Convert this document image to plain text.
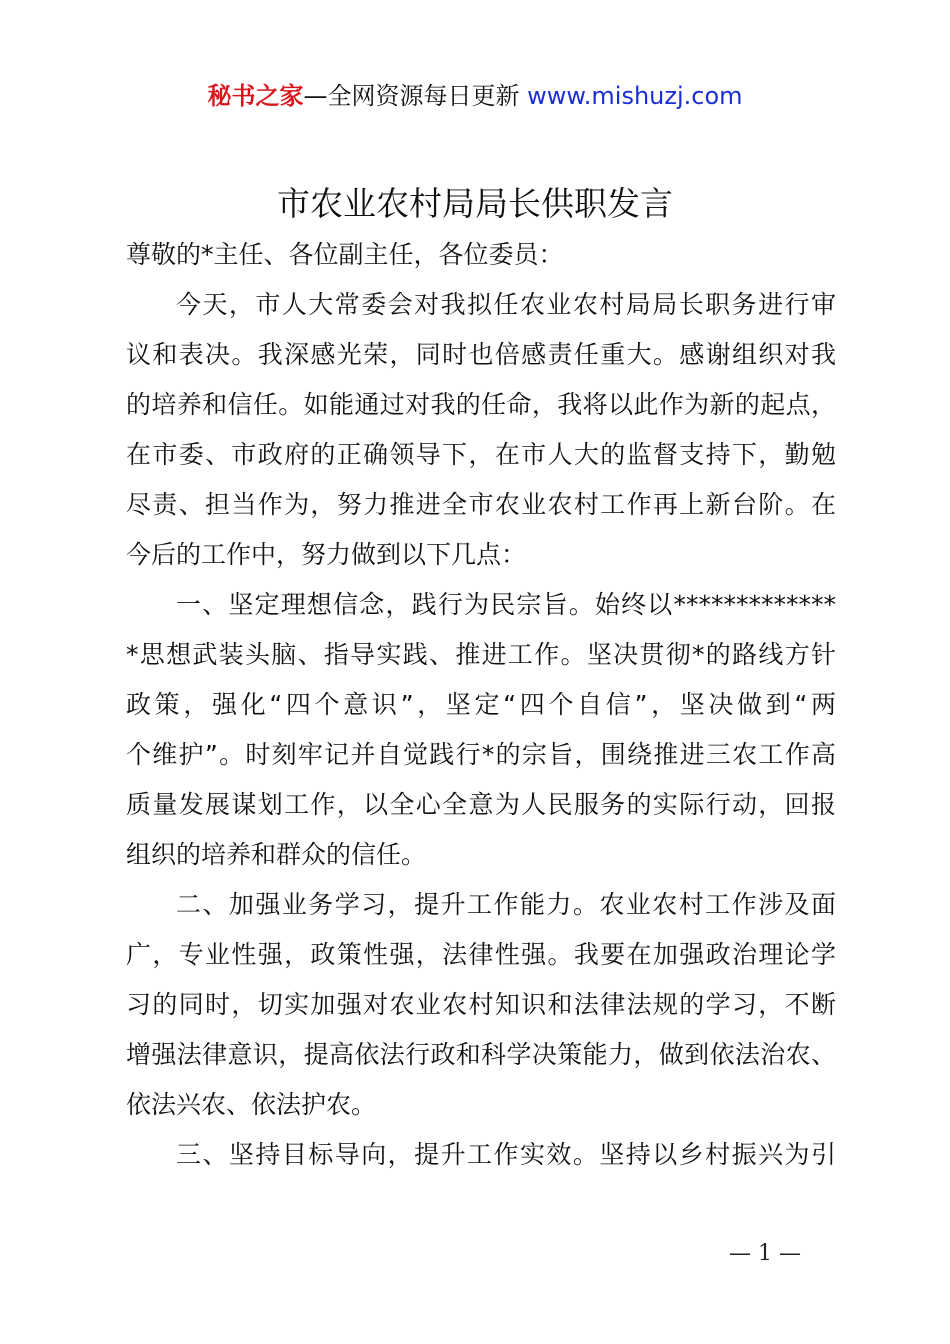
秘书之家—全网资源每日更新 www.mishuzj.com
市农业农村局局长供职发言

尊敬的*主任、各位副主任，各位委员：

今天，市人大常委会对我拟任农业农村局局长职务进行审
议和表决。我深感光荣，同时也倍感责任重大。感谢组织对我
的培养和信任。如能通过对我的任命，我将以此作为新的起点，
在市委、市政府的正确领导下，在市人大的监督支持下，勤勉
尽责、担当作为，努力推进全市农业农村工作再上新台阶。在
今后的工作中，努力做到以下几点：
一、坚定理想信念，践行为民宗旨。始终以*************
*思想武装头脑、指导实践、推进工作。坚决贯彻*的路线方针
政策，强化“四个意识”，坚定“四个自信”，坚决做到“两
个维护”。时刻牢记并自觉践行*的宗旨，围绕推进三农工作高
质量发展谋划工作，以全心全意为人民服务的实际行动，回报
组织的培养和群众的信任。
二、加强业务学习，提升工作能力。农业农村工作涉及面
广，专业性强，政策性强，法律性强。我要在加强政治理论学
习的同时，切实加强对农业农村知识和法律法规的学习，不断
增强法律意识，提高依法行政和科学决策能力，做到依法治农、
依法兴农、依法护农。
三、坚持目标导向，提升工作实效。坚持以乡村振兴为引
— 1 —
